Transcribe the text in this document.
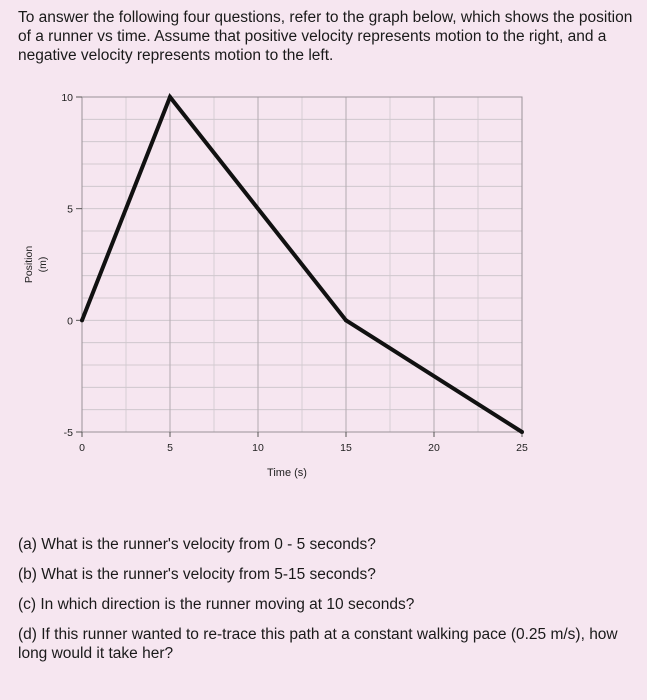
To answer the following four questions, refer to the graph below, which shows the position of a runner vs time. Assume that positive velocity represents motion to the right, and a negative velocity represents motion to the left.

10
5
0
-5
0	5	10	15	20	25
Time (s)
Position (m)

(a) What is the runner's velocity from 0 - 5 seconds?

(b) What is the runner's velocity from 5-15 seconds?

(c) In which direction is the runner moving at 10 seconds?

(d) If this runner wanted to re-trace this path at a constant walking pace (0.25 m/s), how long would it take her?
